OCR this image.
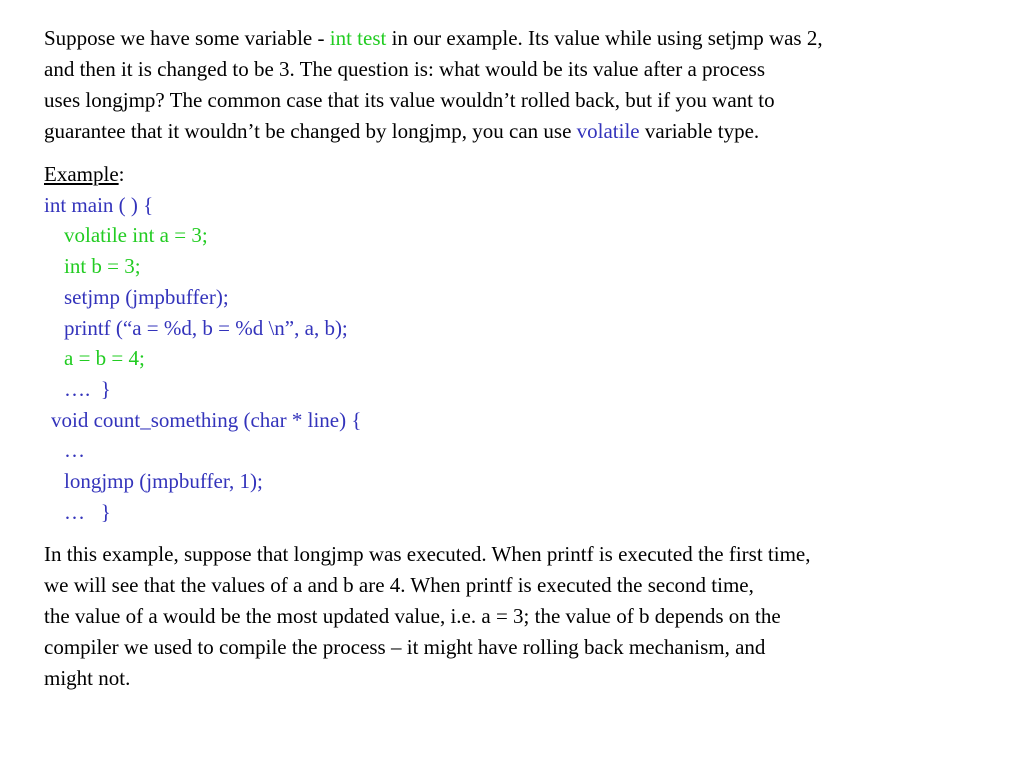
Suppose we have some variable - int test in our example. Its value while using setjmp was 2,
and then it is changed to be 3. The question is: what would be its value after a process
uses longjmp? The common case that its value wouldn’t rolled back, but if you want to
guarantee that it wouldn’t be changed by longjmp, you can use volatile variable type.

Example:
int main ( ) {
volatile int a = 3;
int b = 3;
setjmp (jmpbuffer);
printf (“a = %d, b = %d \n”, a, b);
a = b = 4;
….  }
void count_something (char * line) {
…
longjmp (jmpbuffer, 1);
…   }

In this example, suppose that longjmp was executed. When printf is executed the first time,
we will see that the values of a and b are 4. When printf is executed the second time,
the value of a would be the most updated value, i.e. a = 3; the value of b depends on the
compiler we used to compile the process – it might have rolling back mechanism, and
might not.
